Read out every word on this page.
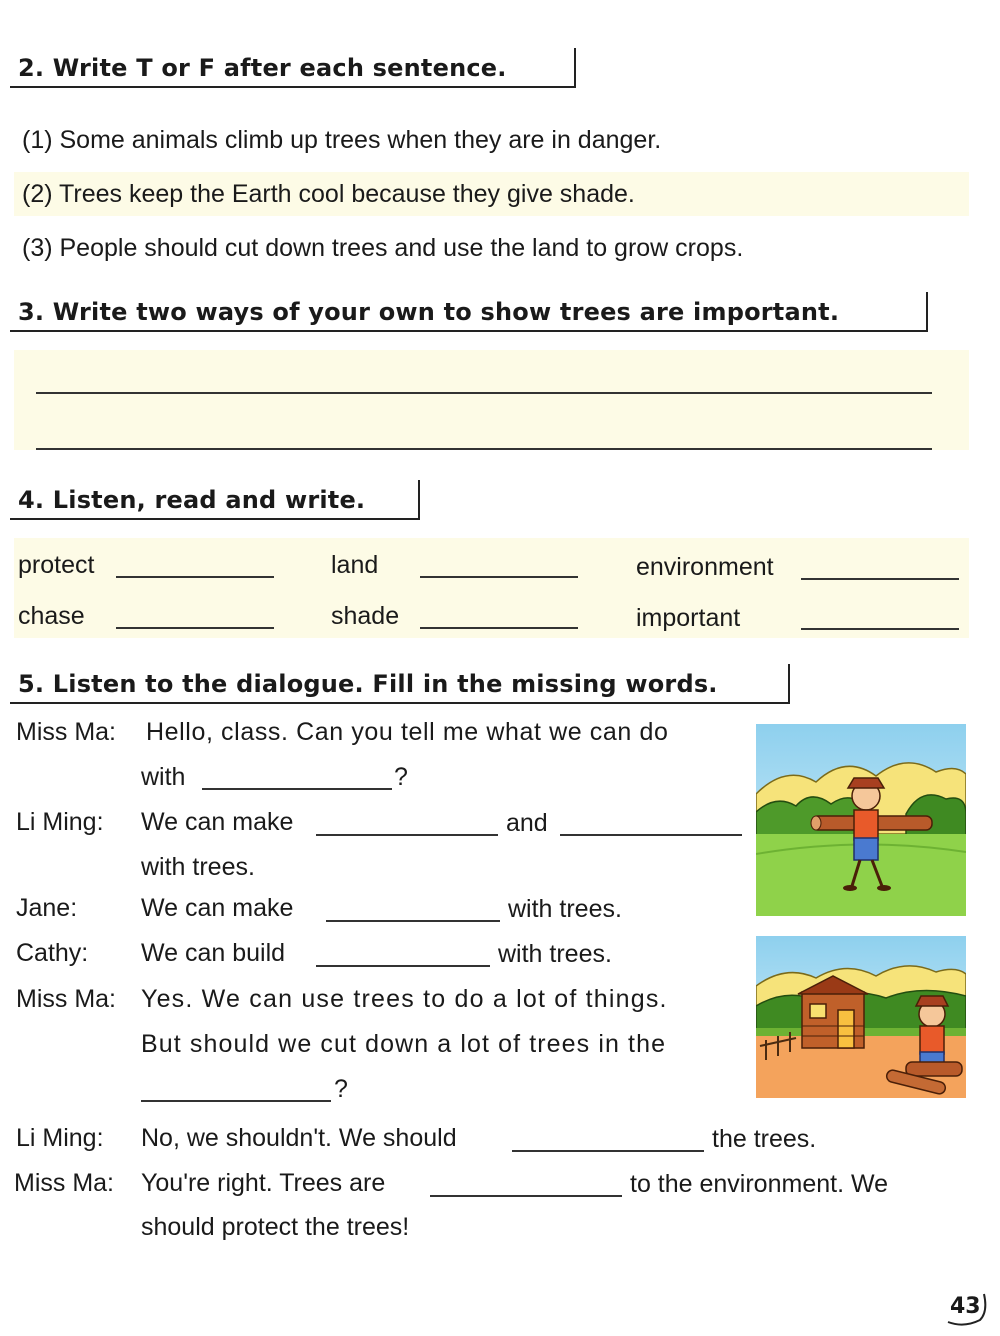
2. Write T or F after each sentence.
(1) Some animals climb up trees when they are in danger.
(2) Trees keep the Earth cool because they give shade.
(3) People should cut down trees and use the land to grow crops.
3. Write two ways of your own to show trees are important.
4. Listen, read and write.
protect	land	environment
chase	shade	important
5. Listen to the dialogue. Fill in the missing words.
Miss Ma: Hello, class. Can you tell me what we can do
with	?
Li Ming: We can make	and
with trees.
Jane:	We can make	with trees.
Cathy: We can build	with trees.
Miss Ma: Yes. We can use trees to do a lot of things.
But should we cut down a lot of trees in the
?
Li Ming: No, we shouldn't. We should	the trees.
Miss Ma: You're right. Trees are	to the environment. We
should protect the trees!
43
